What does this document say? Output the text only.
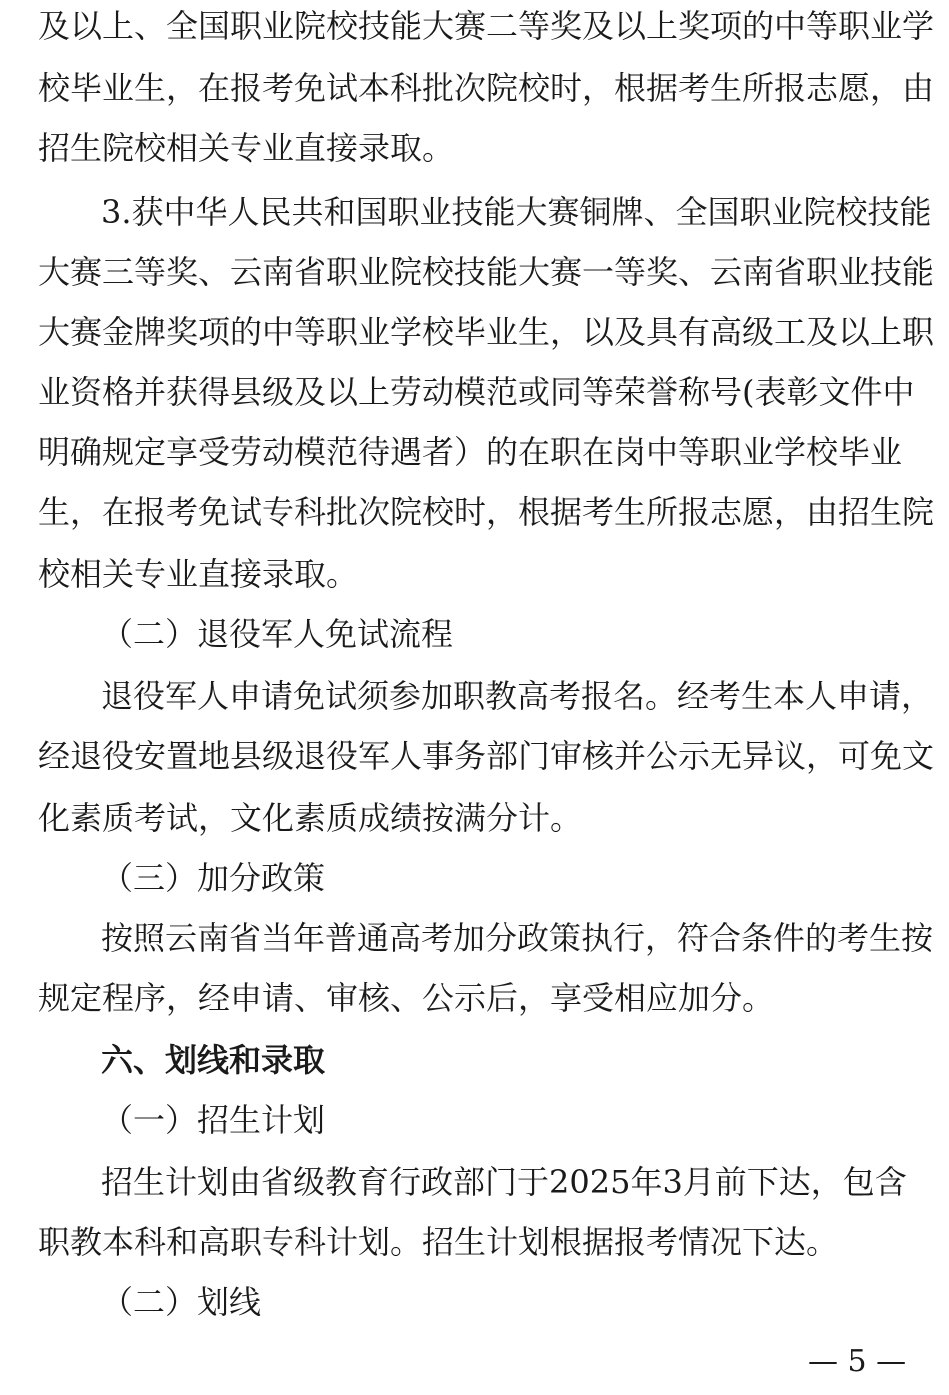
及以上、全国职业院校技能大赛二等奖及以上奖项的中等职业学
校毕业生，在报考免试本科批次院校时，根据考生所报志愿，由
招生院校相关专业直接录取。
3.获中华人民共和国职业技能大赛铜牌、全国职业院校技能
大赛三等奖、云南省职业院校技能大赛一等奖、云南省职业技能
大赛金牌奖项的中等职业学校毕业生，以及具有高级工及以上职
业资格并获得县级及以上劳动模范或同等荣誉称号(表彰文件中
明确规定享受劳动模范待遇者）的在职在岗中等职业学校毕业
生，在报考免试专科批次院校时，根据考生所报志愿，由招生院
校相关专业直接录取。
（二）退役军人免试流程
退役军人申请免试须参加职教高考报名。经考生本人申请，
经退役安置地县级退役军人事务部门审核并公示无异议，可免文
化素质考试，文化素质成绩按满分计。
（三）加分政策
按照云南省当年普通高考加分政策执行，符合条件的考生按
规定程序，经申请、审核、公示后，享受相应加分。
六、划线和录取
（一）招生计划
招生计划由省级教育行政部门于2025年3月前下达，包含
职教本科和高职专科计划。招生计划根据报考情况下达。
（二）划线
— 5 —
